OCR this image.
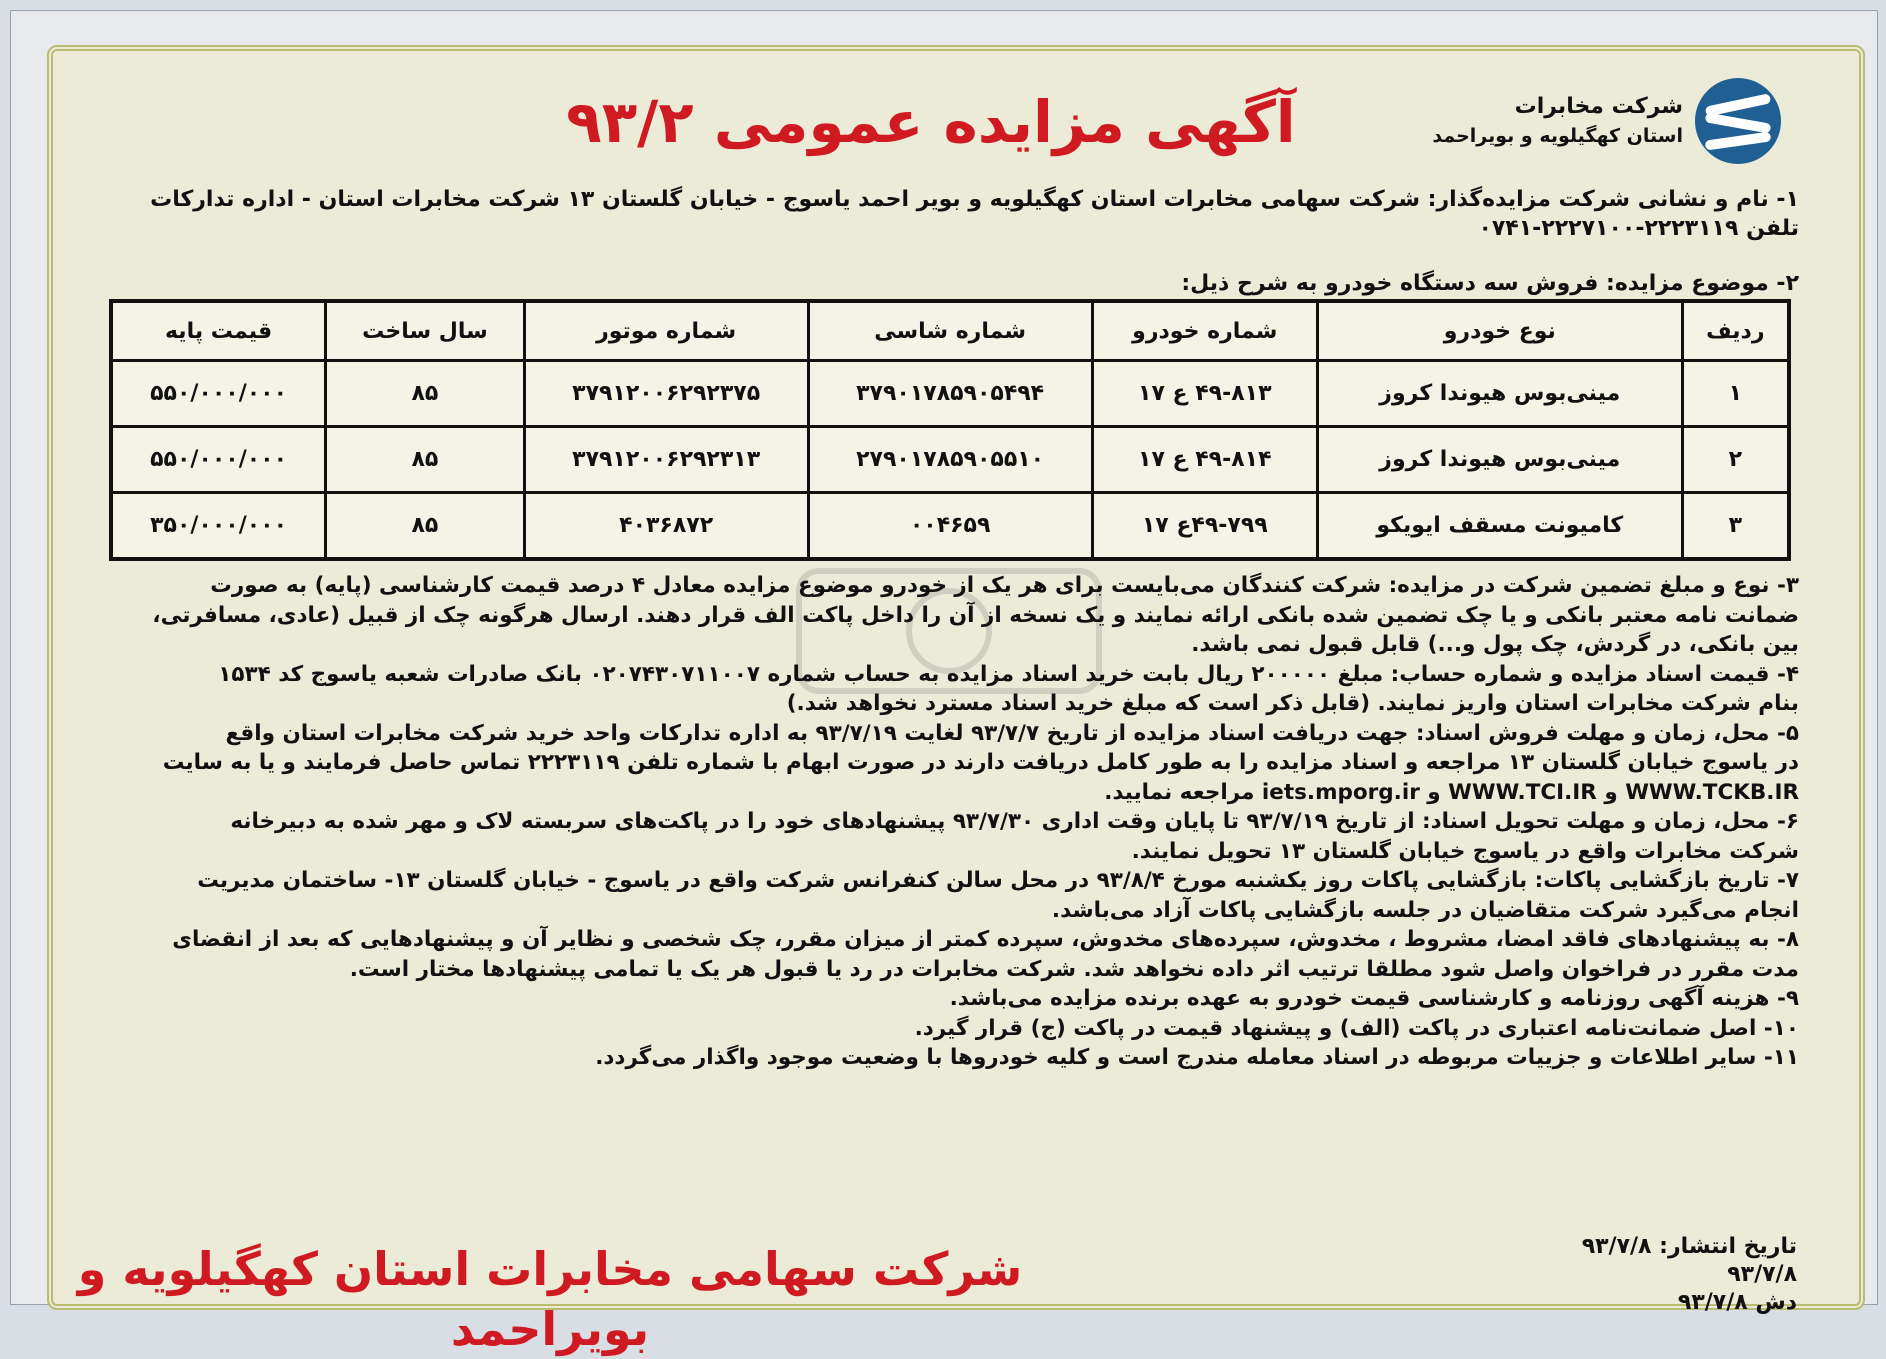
شرکت مخابرات
استان کهگیلویه و بویراحمد
آگهی مزایده عمومی ۹۳/۲
۱- نام و نشانی شرکت مزایده‌گذار: شرکت سهامی مخابرات استان کهگیلویه و بویر احمد یاسوج - خیابان گلستان ۱۳ شرکت مخابرات استان - اداره تدارکات
تلفن ۲۲۲۳۱۱۹-۲۲۲۷۱۰۰-۰۷۴۱
۲- موضوع مزایده: فروش سه دستگاه خودرو به شرح ذیل:
ردیف	نوع خودرو	شماره خودرو	شماره شاسی	شماره موتور	سال ساخت	قیمت پایه
۱	مینی‌بوس هیوندا کروز	۴۹-۸۱۳ ع ۱۷	۳۷۹۰۱۷۸۵۹۰۵۴۹۴	۳۷۹۱۲۰۰۶۲۹۲۳۷۵	۸۵	۵۵۰/۰۰۰/۰۰۰
۲	مینی‌بوس هیوندا کروز	۴۹-۸۱۴ ع ۱۷	۲۷۹۰۱۷۸۵۹۰۵۵۱۰	۳۷۹۱۲۰۰۶۲۹۲۳۱۳	۸۵	۵۵۰/۰۰۰/۰۰۰
۳	کامیونت مسقف ایویکو	۴۹-۷۹۹ع ۱۷	۰۰۴۶۵۹	۴۰۳۶۸۷۲	۸۵	۳۵۰/۰۰۰/۰۰۰
۳- نوع و مبلغ تضمین شرکت در مزایده: شرکت کنندگان می‌بایست برای هر یک از خودرو موضوع مزایده معادل ۴ درصد قیمت کارشناسی (پایه) به صورت
ضمانت نامه معتبر بانکی و یا چک تضمین شده بانکی ارائه نمایند و یک نسخه از آن را داخل پاکت الف قرار دهند. ارسال هرگونه چک از قبیل (عادی، مسافرتی،
بین بانکی، در گردش، چک پول و...) قابل قبول نمی باشد.
۴- قیمت اسناد مزایده و شماره حساب: مبلغ ۲۰۰۰۰۰ ریال بابت خرید اسناد مزایده به حساب شماره ۰۲۰۷۴۳۰۷۱۱۰۰۷ بانک صادرات شعبه یاسوج کد ۱۵۳۴
بنام شرکت مخابرات استان واریز نمایند. (قابل ذکر است که مبلغ خرید اسناد مسترد نخواهد شد.)
۵- محل، زمان و مهلت فروش اسناد: جهت دریافت اسناد مزایده از تاریخ ۹۳/۷/۷ لغایت ۹۳/۷/۱۹ به اداره تدارکات واحد خرید شرکت مخابرات استان واقع
در یاسوج خیابان گلستان ۱۳ مراجعه و اسناد مزایده را به طور کامل دریافت دارند در صورت ابهام با شماره تلفن ۲۲۲۳۱۱۹ تماس حاصل فرمایند و یا به سایت
WWW.TCKB.IR و WWW.TCI.IR و iets.mporg.ir مراجعه نمایید.
۶- محل، زمان و مهلت تحویل اسناد: از تاریخ ۹۳/۷/۱۹ تا پایان وقت اداری ۹۳/۷/۳۰ پیشنهادهای خود را در پاکت‌های سربسته لاک و مهر شده به دبیرخانه
شرکت مخابرات واقع در یاسوج خیابان گلستان ۱۳ تحویل نمایند.
۷- تاریخ بازگشایی پاکات: بازگشایی پاکات روز یکشنبه مورخ ۹۳/۸/۴ در محل سالن کنفرانس شرکت واقع در یاسوج - خیابان گلستان ۱۳- ساختمان مدیریت
انجام می‌گیرد شرکت متقاضیان در جلسه بازگشایی پاکات آزاد می‌باشد.
۸- به پیشنهادهای فاقد امضا، مشروط ، مخدوش، سپرده‌های مخدوش، سپرده کمتر از میزان مقرر، چک شخصی و نظایر آن و پیشنهادهایی که بعد از انقضای
مدت مقرر در فراخوان واصل شود مطلقا ترتیب اثر داده نخواهد شد. شرکت مخابرات در رد یا قبول هر یک یا تمامی پیشنهادها مختار است.
۹- هزینه آگهی روزنامه و کارشناسی قیمت خودرو به عهده برنده مزایده می‌باشد.
۱۰- اصل ضمانت‌نامه اعتباری در پاکت (الف) و پیشنهاد قیمت در پاکت (ج) قرار گیرد.
۱۱- سایر اطلاعات و جزییات مربوطه در اسناد معامله مندرج است و کلیه خودروها با وضعیت موجود واگذار می‌گردد.
تاریخ انتشار: ۹۳/۷/۸
۹۳/۷/۸
دش ۹۳/۷/۸
شرکت سهامی مخابرات استان کهگیلویه و بویراحمد
